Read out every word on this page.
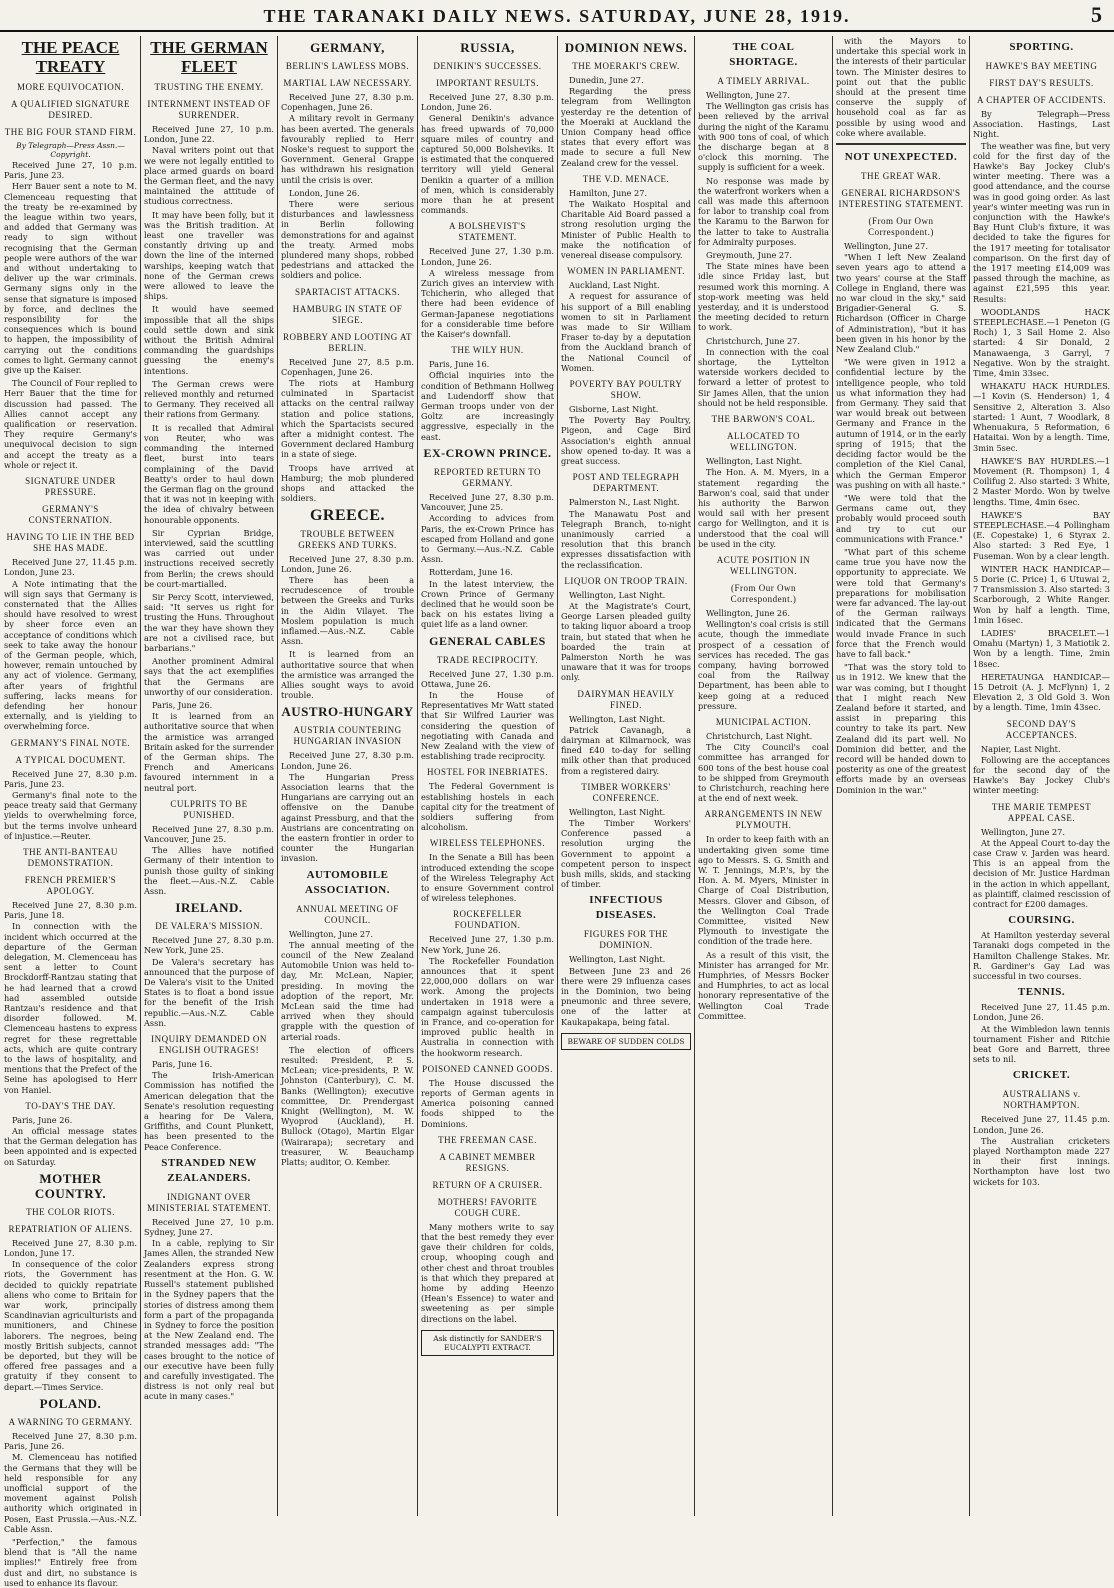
THE TARANAKI DAILY NEWS. SATURDAY, JUNE 28, 1919.	5
THE PEACE TREATY
MORE EQUIVOCATION.
A QUALIFIED SIGNATURE DESIRED.
THE BIG FOUR STAND FIRM.
By Telegraph—Press Assn.—Copyright.
Received June 27, 10 p.m. Paris, June 23.

Herr Bauer sent a note to M. Clemenceau requesting that the treaty be re-examined by the league within two years, and added that Germany was ready to sign without recognising that the German people were authors of the war and without undertaking to deliver up the war criminals. Germany signs only in the sense that signature is imposed by force, and declines the responsibility for the consequences which is bound to happen, the impossibility of carrying out the conditions comes to light. Germany cannot give up the Kaiser.

The Council of Four replied to Herr Bauer that the time for discussion had passed. The Allies cannot accept any qualification or reservation. They require Germany's unequivocal decision to sign and accept the treaty as a whole or reject it.

SIGNATURE UNDER PRESSURE.
GERMANY'S CONSTERNATION.
HAVING TO LIE IN THE BED SHE HAS MADE.
Received June 27, 11.45 p.m. London, June 23.

A Note intimating that the will sign says that Germany is consternated that the Allies should have resolved to wrest by sheer force even an acceptance of conditions which seek to take away the honour of the German people, which, however, remain untouched by any act of violence. Germany, after years of frightful suffering, lacks means for defending her honour externally, and is yielding to overwhelming force.

GERMANY'S FINAL NOTE.
A TYPICAL DOCUMENT.
Received June 27, 8.30 p.m. Paris, June 23.

Germany's final note to the peace treaty said that Germany yields to overwhelming force, but the terms involve unheard of injustice.—Reuter.

THE ANTI-BANTEAU DEMONSTRATION.
FRENCH PREMIER'S APOLOGY.
Received June 27, 8.30 p.m. Paris, June 18.

In connection with the incident which occurred at the departure of the German delegation, M. Clemenceau has sent a letter to Count Brockdorff-Rantzau stating that he had learned that a crowd had assembled outside Rantzau's residence and that disorder followed. M. Clemenceau hastens to express regret for these regrettable acts, which are quite contrary to the laws of hospitality, and mentions that the Prefect of the Seine has apologised to Herr von Haniel.

TO-DAY'S THE DAY.
Paris, June 26.

An official message states that the German delegation has been appointed and is expected on Saturday.

MOTHER COUNTRY.
THE COLOR RIOTS.
REPATRIATION OF ALIENS.
Received June 27, 8.30 p.m. London, June 17.

In consequence of the color riots, the Government has decided to quickly repatriate aliens who come to Britain for war work, principally Scandinavian agriculturists and munitioners, and Chinese laborers. The negroes, being mostly British subjects, cannot be deported, but they will be offered free passages and a gratuity if they consent to depart.—Times Service.

POLAND.
A WARNING TO GERMANY.
Received June 27, 8.30 p.m. Paris, June 26.

M. Clemenceau has notified the Germans that they will be held responsible for any unofficial support of the movement against Polish authority which originated in Posen, East Prussia.—Aus.-N.Z. Cable Assn.

"Perfection," the famous blend that is "All the name implies!" Entirely free from dust and dirt, no substance is used to enhance its flavour.

THE GERMAN FLEET
TRUSTING THE ENEMY.
INTERNMENT INSTEAD OF SURRENDER.
Received June 27, 10 p.m. London, June 22.

Naval writers point out that we were not legally entitled to place armed guards on board the German fleet, and the navy maintained the attitude of studious correctness.

It may have been folly, but it was the British tradition. At least one traveller was constantly driving up and down the line of the interned warships, keeping watch that none of the German crews were allowed to leave the ships.

It would have seemed impossible that all the ships could settle down and sink without the British Admiral commanding the guardships guessing the enemy's intentions.

The German crews were relieved monthly and returned to Germany. They received all their rations from Germany.

It is recalled that Admiral von Reuter, who was commanding the interned fleet, burst into tears complaining of the David Beatty's order to haul down the German flag on the ground that it was not in keeping with the idea of chivalry between honourable opponents.

Sir Cyprian Bridge, interviewed, said the scuttling was carried out under instructions received secretly from Berlin; the crews should be court-martialled.

Sir Percy Scott, interviewed, said: "It serves us right for trusting the Huns. Throughout the war they have shown they are not a civilised race, but barbarians."

Another prominent Admiral says that the act exemplifies that the Germans are unworthy of our consideration.

Paris, June 26.

It is learned from an authoritative source that when the armistice was arranged Britain asked for the surrender of the German ships. The French and Americans favoured internment in a neutral port.

CULPRITS TO BE PUNISHED.
Received June 27, 8.30 p.m. Vancouver, June 25.

The Allies have notified Germany of their intention to punish those guilty of sinking the fleet.—Aus.-N.Z. Cable Assn.

IRELAND.
DE VALERA'S MISSION.
Received June 27, 8.30 p.m. New York, June 25.

De Valera's secretary has announced that the purpose of De Valera's visit to the United States is to float a bond issue for the benefit of the Irish republic.—Aus.-N.Z. Cable Assn.

INQUIRY DEMANDED ON ENGLISH OUTRAGES!
Paris, June 16.

The Irish-American Commission has notified the American delegation that the Senate's resolution requesting a hearing for De Valera, Griffiths, and Count Plunkett, has been presented to the Peace Conference.

STRANDED NEW ZEALANDERS.
INDIGNANT OVER MINISTERIAL STATEMENT.
Received June 27, 10 p.m. Sydney, June 27.

In a cable, replying to Sir James Allen, the stranded New Zealanders express strong resentment at the Hon. G. W. Russell's statement published in the Sydney papers that the stories of distress among them form a part of the propaganda in Sydney to force the position at the New Zealand end. The stranded messages add: "The cases brought to the notice of our executive have been fully and carefully investigated. The distress is not only real but acute in many cases."

GERMANY,
BERLIN'S LAWLESS MOBS.
MARTIAL LAW NECESSARY.
Received June 27, 8.30 p.m. Copenhagen, June 26.

A military revolt in Germany has been averted. The generals favourably replied to Herr Noske's request to support the Government. General Grappe has withdrawn his resignation until the crisis is over.

London, June 26.

There were serious disturbances and lawlessness in Berlin following demonstrations for and against the treaty. Armed mobs plundered many shops, robbed pedestrians and attacked the soldiers and police.

SPARTACIST ATTACKS.
HAMBURG IN STATE OF SIEGE.
ROBBERY AND LOOTING AT BERLIN.
Received June 27, 8.5 p.m. Copenhagen, June 26.

The riots at Hamburg culminated in Spartacist attacks on the central railway station and police stations, which the Spartacists secured after a midnight contest. The Government declared Hamburg in a state of siege.

Troops have arrived at Hamburg; the mob plundered shops and attacked the soldiers.

GREECE.
TROUBLE BETWEEN GREEKS AND TURKS.
Received June 27, 8.30 p.m. London, June 26.

There has been a recrudescence of trouble between the Greeks and Turks in the Aidin Vilayet. The Moslem population is much inflamed.—Aus.-N.Z. Cable Assn.

It is learned from an authoritative source that when the armistice was arranged the Allies sought ways to avoid trouble.

AUSTRO-HUNGARY
AUSTRIA COUNTERING HUNGARIAN INVASION
Received June 27, 8.30 p.m. London, June 26.

The Hungarian Press Association learns that the Hungarians are carrying out an offensive on the Danube against Pressburg, and that the Austrians are concentrating on the eastern frontier in order to counter the Hungarian invasion.

AUTOMOBILE ASSOCIATION.
ANNUAL MEETING OF COUNCIL.
Wellington, June 27.

The annual meeting of the council of the New Zealand Automobile Union was held to-day, Mr. McLean, Napier, presiding. In moving the adoption of the report, Mr. McLean said the time had arrived when they should grapple with the question of arterial roads.

The election of officers resulted: President, P. S. McLean; vice-presidents, P. W. Johnston (Canterbury), C. M. Banks (Wellington); executive committee, Dr. Prendergast Knight (Wellington), M. W. Wyoprod (Auckland), H. Bullock (Otago), Martin Elgar (Wairarapa); secretary and treasurer, W. Beauchamp Platts; auditor, O. Kember.

RUSSIA,
DENIKIN'S SUCCESSES.
IMPORTANT RESULTS.
Received June 27, 8.30 p.m. London, June 26.

General Denikin's advance has freed upwards of 70,000 square miles of country and captured 50,000 Bolsheviks. It is estimated that the conquered territory will yield General Denikin a quarter of a million of men, which is considerably more than he at present commands.

A BOLSHEVIST'S STATEMENT.
Received June 27, 1.30 p.m. London, June 26.

A wireless message from Zurich gives an interview with Tchicherin, who alleged that there had been evidence of German-Japanese negotiations for a considerable time before the Kaiser's downfall.

THE WILY HUN.
Paris, June 16.

Official inquiries into the condition of Bethmann Hollweg and Ludendorff show that German troops under von der Goltz are increasingly aggressive, especially in the east.

EX-CROWN PRINCE.
REPORTED RETURN TO GERMANY.
Received June 27, 8.30 p.m. Vancouver, June 25.

According to advices from Paris, the ex-Crown Prince has escaped from Holland and gone to Germany.—Aus.-N.Z. Cable Assn.

Rotterdam, June 16.

In the latest interview, the Crown Prince of Germany declined that he would soon be back on his estates living a quiet life as a land owner.

GENERAL CABLES
TRADE RECIPROCITY.
Received June 27, 1.30 p.m. Ottawa, June 26.

In the House of Representatives Mr Watt stated that Sir Wilfred Laurier was considering the question of negotiating with Canada and New Zealand with the view of establishing trade reciprocity.

HOSTEL FOR INEBRIATES.

The Federal Government is establishing hostels in each capital city for the treatment of soldiers suffering from alcoholism.

WIRELESS TELEPHONES.

In the Senate a Bill has been introduced extending the scope of the Wireless Telegraphy Act to ensure Government control of wireless telephones.

ROCKEFELLER FOUNDATION.
Received June 27, 1.30 p.m. New York, June 26.

The Rockefeller Foundation announces that it spent 22,000,000 dollars on war work. Among the projects undertaken in 1918 were a campaign against tuberculosis in France, and co-operation for improved public health in Australia in connection with the hookworm research.

POISONED CANNED GOODS.

The House discussed the reports of German agents in America poisoning canned foods shipped to the Dominions.

THE FREEMAN CASE.
A CABINET MEMBER RESIGNS.
RETURN OF A CRUISER.
MOTHERS! FAVORITE COUGH CURE.

Many mothers write to say that the best remedy they ever gave their children for colds, croup, whooping cough and other chest and throat troubles is that which they prepared at home by adding Heenzo (Hean's Essence) to water and sweetening as per simple directions on the label.

Ask distinctly for SANDER'S EUCALYPTI EXTRACT.
DOMINION NEWS.
THE MOERAKI'S CREW.
Dunedin, June 27.

Regarding the press telegram from Wellington yesterday re the detention of the Moeraki at Auckland the Union Company head office states that every effort was made to secure a full New Zealand crew for the vessel.

THE V.D. MENACE.
Hamilton, June 27.

The Waikato Hospital and Charitable Aid Board passed a strong resolution urging the Minister of Public Health to make the notification of venereal disease compulsory.

WOMEN IN PARLIAMENT.
Auckland, Last Night.

A request for assurance of his support of a Bill enabling women to sit in Parliament was made to Sir William Fraser to-day by a deputation from the Auckland branch of the National Council of Women.

POVERTY BAY POULTRY SHOW.
Gisborne, Last Night.

The Poverty Bay Poultry, Pigeon, and Cage Bird Association's eighth annual show opened to-day. It was a great success.

POST AND TELEGRAPH DEPARTMENT.
Palmerston N., Last Night.

The Manawatu Post and Telegraph Branch, to-night unanimously carried a resolution that this branch expresses dissatisfaction with the reclassification.

LIQUOR ON TROOP TRAIN.
Wellington, Last Night.

At the Magistrate's Court, George Larsen pleaded guilty to taking liquor aboard a troop train, but stated that when he boarded the train at Palmerston North he was unaware that it was for troops only.

DAIRYMAN HEAVILY FINED.
Wellington, Last Night.

Patrick Cavanagh, a dairyman at Kilmarnock, was fined £40 to-day for selling milk other than that produced from a registered dairy.

TIMBER WORKERS' CONFERENCE.
Wellington, Last Night.

The Timber Workers' Conference passed a resolution urging the Government to appoint a competent person to inspect bush mills, skids, and stacking of timber.

INFECTIOUS DISEASES.
FIGURES FOR THE DOMINION.
Wellington, Last Night.

Between June 23 and 26 there were 29 influenza cases in the Dominion, two being pneumonic and three severe, one of the latter at Kaukapakapa, being fatal.

BEWARE OF SUDDEN COLDS
THE COAL SHORTAGE.
A TIMELY ARRIVAL.
Wellington, June 27.

The Wellington gas crisis has been relieved by the arrival during the night of the Karamu with 900 tons of coal, of which the discharge began at 8 o'clock this morning. The supply is sufficient for a week.

No response was made by the waterfront workers when a call was made this afternoon for labor to tranship coal from the Karamu to the Barwon for the latter to take to Australia for Admiralty purposes.

Greymouth, June 27.

The State mines have been idle since Friday last, but resumed work this morning. A stop-work meeting was held yesterday, and it is understood the meeting decided to return to work.

Christchurch, June 27.

In connection with the coal shortage, the Lyttelton waterside workers decided to forward a letter of protest to Sir James Allen, that the union should not be held responsible.

THE BARWON'S COAL.
ALLOCATED TO WELLINGTON.
Wellington, Last Night.

The Hon. A. M. Myers, in a statement regarding the Barwon's coal, said that under his authority the Barwon would sail with her present cargo for Wellington, and it is understood that the coal will be used in the city.

ACUTE POSITION IN WELLINGTON.
(From Our Own Correspondent.)
Wellington, June 26.

Wellington's coal crisis is still acute, though the immediate prospect of a cessation of services has receded. The gas company, having borrowed coal from the Railway Department, has been able to keep going at a reduced pressure.

MUNICIPAL ACTION.
Christchurch, Last Night.

The City Council's coal committee has arranged for 600 tons of the best house coal to be shipped from Greymouth to Christchurch, reaching here at the end of next week.

ARRANGEMENTS IN NEW PLYMOUTH.

In order to keep faith with an undertaking given some time ago to Messrs. S. G. Smith and W. T. Jennings, M.P.'s, by the Hon. A. M. Myers, Minister in Charge of Coal Distribution, Messrs. Glover and Gibson, of the Wellington Coal Trade Committee, visited New Plymouth to investigate the condition of the trade here.

As a result of this visit, the Minister has arranged for Mr. Humphries, of Messrs Bocker and Humphries, to act as local honorary representative of the Wellington Coal Trade Committee.

with the Mayors to undertake this special work in the interests of their particular town. The Minister desires to point out that the public should at the present time conserve the supply of household coal as far as possible by using wood and coke where available.

NOT UNEXPECTED.
THE GREAT WAR.
GENERAL RICHARDSON'S INTERESTING STATEMENT.
(From Our Own Correspondent.)
Wellington, June 27.

"When I left New Zealand seven years ago to attend a two years' course at the Staff College in England, there was no war cloud in the sky," said Brigadier-General G. S. Richardson (Officer in Charge of Administration), "but it has been given in his honor by the New Zealand Club."

"We were given in 1912 a confidential lecture by the intelligence people, who told us what information they had from Germany. They said that war would break out between Germany and France in the autumn of 1914, or in the early spring of 1915; that the deciding factor would be the completion of the Kiel Canal, which the German Emperor was pushing on with all haste."

"We were told that the Germans came out, they probably would proceed south and try to cut our communications with France."

"What part of this scheme came true you have now the opportunity to appreciate. We were told that Germany's preparations for mobilisation were far advanced. The lay-out of the German railways indicated that the Germans would invade France in such force that the French would have to fall back."

"That was the story told to us in 1912. We knew that the war was coming, but I thought that I might reach New Zealand before it started, and assist in preparing this country to take its part. New Zealand did its part well. No Dominion did better, and the record will be handed down to posterity as one of the greatest efforts made by an overseas Dominion in the war."

SPORTING.
HAWKE'S BAY MEETING
FIRST DAY'S RESULTS.
A CHAPTER OF ACCIDENTS.
By Telegraph—Press Association. Hastings, Last Night.

The weather was fine, but very cold for the first day of the Hawke's Bay Jockey Club's winter meeting. There was a good attendance, and the course was in good going order. As last year's winter meeting was run in conjunction with the Hawke's Bay Hunt Club's fixture, it was decided to take the figures for the 1917 meeting for totalisator comparison. On the first day of the 1917 meeting £14,009 was passed through the machine, as against £21,595 this year. Results:

WOODLANDS HACK STEEPLECHASE.—1 Peneton (G Roch) 1, 3 Sail Home 2. Also started: 4 Sir Donald, 2 Manawaenga, 3 Garryl, 7 Negative. Won by the straight. Time, 4min 33sec.

WHAKATU HACK HURDLES.—1 Kovin (S. Henderson) 1, 4 Sensitive 2, Alteration 3. Also started: 1 Aunt, 7 Woodlark, 8 Whenuakura, 5 Reformation, 6 Hataitai. Won by a length. Time, 3min 5sec.

HAWKE'S BAY HURDLES.—1 Movement (R. Thompson) 1, 4 Coilifug 2. Also started: 3 White, 2 Master Mordo. Won by twelve lengths. Time, 4min 6sec.

HAWKE'S BAY STEEPLECHASE.—4 Pollingham (E. Copestake) 1, 6 Styrax 2. Also started: 3 Red Eye, 1 Fuseman. Won by a clear length.

WINTER HACK HANDICAP.—5 Dorie (C. Price) 1, 6 Utuwai 2, 7 Transmission 3. Also started: 3 Scarborough, 2 White Ranger. Won by half a length. Time, 1min 16sec.

LADIES' BRACELET.—1 Omahu (Martyn) 1, 3 Matiotik 2. Won by a length. Time, 2min 18sec.

HERETAUNGA HANDICAP.—15 Detroit (A. J. McFlynn) 1, 2 Elevation 2, 3 Old Gold 3. Won by a length. Time, 1min 43sec.

SECOND DAY'S ACCEPTANCES.
Napier, Last Night.

Following are the acceptances for the second day of the Hawke's Bay Jockey Club's winter meeting:

THE MARIE TEMPEST APPEAL CASE.
Wellington, June 27.

At the Appeal Court to-day the case Craw v. Jarden was heard. This is an appeal from the decision of Mr. Justice Hardman in the action in which appellant, as plaintiff, claimed rescission of contract for £200 damages.

COURSING.

At Hamilton yesterday several Taranaki dogs competed in the Hamilton Challenge Stakes. Mr. R. Gardiner's Gay Lad was successful in two courses.

TENNIS.
Received June 27, 11.45 p.m. London, June 26.

At the Wimbledon lawn tennis tournament Fisher and Ritchie beat Gore and Barrett, three sets to nil.

CRICKET.
AUSTRALIANS v. NORTHAMPTON.
Received June 27, 11.45 p.m. London, June 26.

The Australian cricketers played Northampton made 227 in their first innings. Northampton have lost two wickets for 103.
